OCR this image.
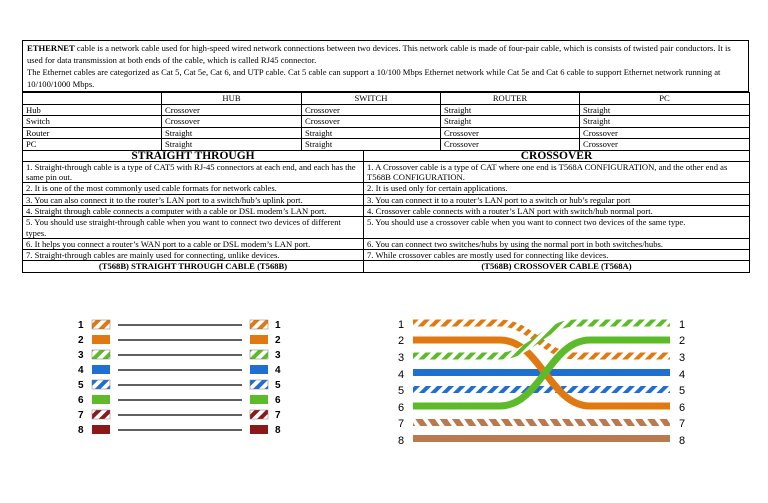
ETHERNET cable is a network cable used for high-speed wired network connections between two devices. This network cable is made of four-pair cable, which is consists of twisted pair conductors. It is used for data transmission at both ends of the cable, which is called RJ45 connector.
The Ethernet cables are categorized as Cat 5, Cat 5e, Cat 6, and UTP cable. Cat 5 cable can support a 10/100 Mbps Ethernet network while Cat 5e and Cat 6 cable to support Ethernet network running at 10/100/1000 Mbps.
	HUB	SWITCH	ROUTER	PC
Hub	Crossover	Crossover	Straight	Straight
Switch	Crossover	Crossover	Straight	Straight
Router	Straight	Straight	Crossover	Crossover
PC	Straight	Straight	Crossover	Crossover
STRAIGHT THROUGH	CROSSOVER
1. Straight-through cable is a type of CAT5 with RJ-45 connectors at each end, and each has the same pin out.	1. A Crossover cable is a type of CAT where one end is T568A CONFIGURATION, and the other end as T568B CONFIGURATION.
2. It is one of the most commonly used cable formats for network cables.	2. It is used only for certain applications.
3. You can also connect it to the router’s LAN port to a switch/hub’s uplink port.	3. You can connect it to a router’s LAN port to a switch or hub’s regular port
4. Straight through cable connects a computer with a cable or DSL modem’s LAN port.	4. Crossover cable connects with a router’s LAN port with switch/hub normal port.
5. You should use straight-through cable when you want to connect two devices of different types.	5. You should use a crossover cable when you want to connect two devices of the same type.
6. It helps you connect a router’s WAN port to a cable or DSL modem’s LAN port.	6. You can connect two switches/hubs by using the normal port in both switches/hubs.
7. Straight-through cables are mainly used for connecting, unlike devices.	7. While crossover cables are mostly used for connecting like devices.
(T568B) STRAIGHT THROUGH CABLE (T568B)	(T568B) CROSSOVER CABLE (T568A)
1	1
2	2
3	3
4	4
5	5
6	6
7	7
8	8
1
2
3
4
5
6
7
8
1
2
3
4
5
6
7
8
